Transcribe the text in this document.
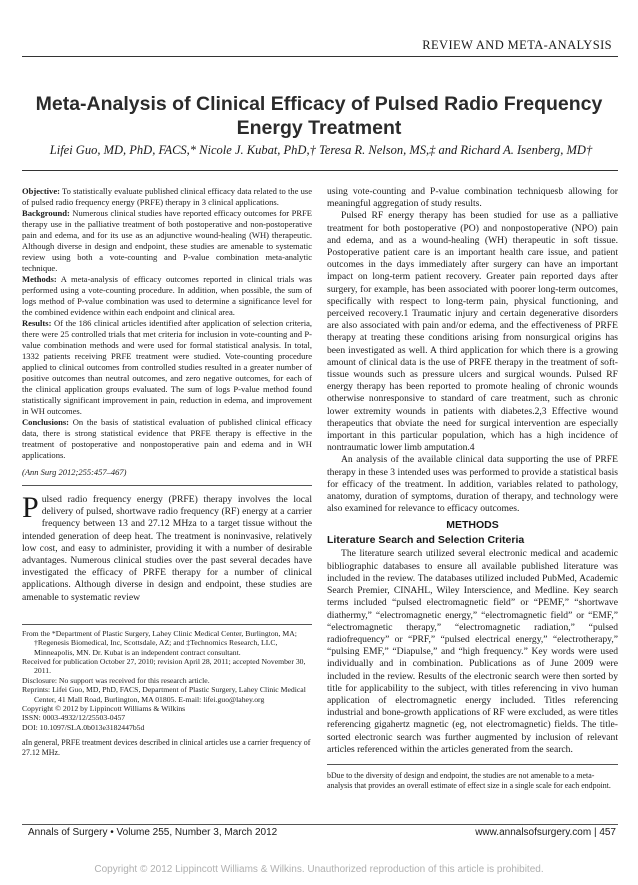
REVIEW AND META-ANALYSIS
Meta-Analysis of Clinical Efficacy of Pulsed Radio Frequency Energy Treatment
Lifei Guo, MD, PhD, FACS,* Nicole J. Kubat, PhD,† Teresa R. Nelson, MS,‡ and Richard A. Isenberg, MD†

Objective: To statistically evaluate published clinical efficacy data related to the use of pulsed radio frequency energy (PRFE) therapy in 3 clinical applications.

Background: Numerous clinical studies have reported efficacy outcomes for PRFE therapy use in the palliative treatment of both postoperative and non-postoperative pain and edema, and for its use as an adjunctive wound-healing (WH) therapeutic. Although diverse in design and endpoint, these studies are amenable to systematic review using both a vote-counting and P-value combination meta-analytic technique.

Methods: A meta-analysis of efficacy outcomes reported in clinical trials was performed using a vote-counting procedure. In addition, when possible, the sum of logs method of P-value combination was used to determine a significance level for the combined evidence within each endpoint and clinical area.

Results: Of the 186 clinical articles identified after application of selection criteria, there were 25 controlled trials that met criteria for inclusion in vote-counting and P-value combination methods and were used for formal statistical analysis. In total, 1332 patients receiving PRFE treatment were studied. Vote-counting procedure applied to clinical outcomes from controlled studies resulted in a greater number of positive outcomes than neutral outcomes, and zero negative outcomes, for each of the clinical application groups evaluated. The sum of logs P-value method found statistically significant improvement in pain, reduction in edema, and improvement in WH outcomes.

Conclusions: On the basis of statistical evaluation of published clinical efficacy data, there is strong statistical evidence that PRFE therapy is effective in the treatment of postoperative and nonpostoperative pain and edema and in WH applications.

(Ann Surg 2012;255:457–467)

Pulsed radio frequency energy (PRFE) therapy involves the local delivery of pulsed, shortwave radio frequency (RF) energy at a carrier frequency between 13 and 27.12 MHza to a target tissue without the intended generation of deep heat. The treatment is noninvasive, relatively low cost, and easy to administer, providing it with a number of desirable advantages. Numerous clinical studies over the past several decades have investigated the efficacy of PRFE therapy for a number of clinical applications. Although diverse in design and endpoint, these studies are amenable to systematic review

From the *Department of Plastic Surgery, Lahey Clinic Medical Center, Burlington, MA; †Regenesis Biomedical, Inc, Scottsdale, AZ; and ‡Technomics Research, LLC, Minneapolis, MN. Dr. Kubat is an independent contract consultant.

Received for publication October 27, 2010; revision April 28, 2011; accepted November 30, 2011.

Disclosure: No support was received for this research article.

Reprints: Lifei Guo, MD, PhD, FACS, Department of Plastic Surgery, Lahey Clinic Medical Center, 41 Mall Road, Burlington, MA 01805. E-mail: lifei.guo@lahey.org

Copyright © 2012 by Lippincott Williams & Wilkins

ISSN: 0003-4932/12/25503-0457

DOI: 10.1097/SLA.0b013e3182447b5d

aIn general, PRFE treatment devices described in clinical articles use a carrier frequency of 27.12 MHz.

using vote-counting and P-value combination techniquesb allowing for meaningful aggregation of study results.

Pulsed RF energy therapy has been studied for use as a palliative treatment for both postoperative (PO) and nonpostoperative (NPO) pain and edema, and as a wound-healing (WH) therapeutic in soft tissue. Postoperative patient care is an important health care issue, and patient outcomes in the days immediately after surgery can have an important impact on long-term patient recovery. Greater pain reported days after surgery, for example, has been associated with poorer long-term outcomes, specifically with respect to long-term pain, physical functioning, and perceived recovery.1 Traumatic injury and certain degenerative disorders are also associated with pain and/or edema, and the effectiveness of PRFE therapy at treating these conditions arising from nonsurgical origins has been investigated as well. A third application for which there is a growing amount of clinical data is the use of PRFE therapy in the treatment of soft-tissue wounds such as pressure ulcers and surgical wounds. Pulsed RF energy therapy has been reported to promote healing of chronic wounds otherwise nonresponsive to standard of care treatment, such as chronic lower extremity wounds in patients with diabetes.2,3 Effective wound therapeutics that obviate the need for surgical intervention are especially important in this particular population, which has a high incidence of nontraumatic lower limb amputation.4

An analysis of the available clinical data supporting the use of PRFE therapy in these 3 intended uses was performed to provide a statistical basis for efficacy of the treatment. In addition, variables related to pathology, anatomy, duration of symptoms, duration of therapy, and technology were also examined for relevance to efficacy outcomes.

METHODS
Literature Search and Selection Criteria

The literature search utilized several electronic medical and academic bibliographic databases to ensure all available published literature was included in the review. The databases utilized included PubMed, Academic Search Premier, CINAHL, Wiley Interscience, and Medline. Key search terms included “pulsed electromagnetic field” or “PEMF,” “shortwave diathermy,” “electromagnetic energy,” “electromagnetic field” or “EMF,” “electromagnetic therapy,” “electromagnetic radiation,” “pulsed radiofrequency” or “PRF,” “pulsed electrical energy,” “electrotherapy,” “pulsing EMF,” “Diapulse,” and “high frequency.” Key words were used individually and in combination. Publications as of June 2009 were included in the review. Results of the electronic search were then sorted by title for applicability to the subject, with titles referencing in vivo human application of electromagnetic energy included. Titles referencing industrial and bone-growth applications of RF were excluded, as were titles referencing gigahertz magnetic (eg, not electromagnetic) fields. The title-sorted electronic search was further augmented by inclusion of relevant articles referenced within the articles generated from the search.

bDue to the diversity of design and endpoint, the studies are not amenable to a meta-analysis that provides an overall estimate of effect size in a single scale for each endpoint.

Annals of Surgery • Volume 255, Number 3, March 2012	www.annalsofsurgery.com | 457
Copyright © 2012 Lippincott Williams & Wilkins. Unauthorized reproduction of this article is prohibited.
